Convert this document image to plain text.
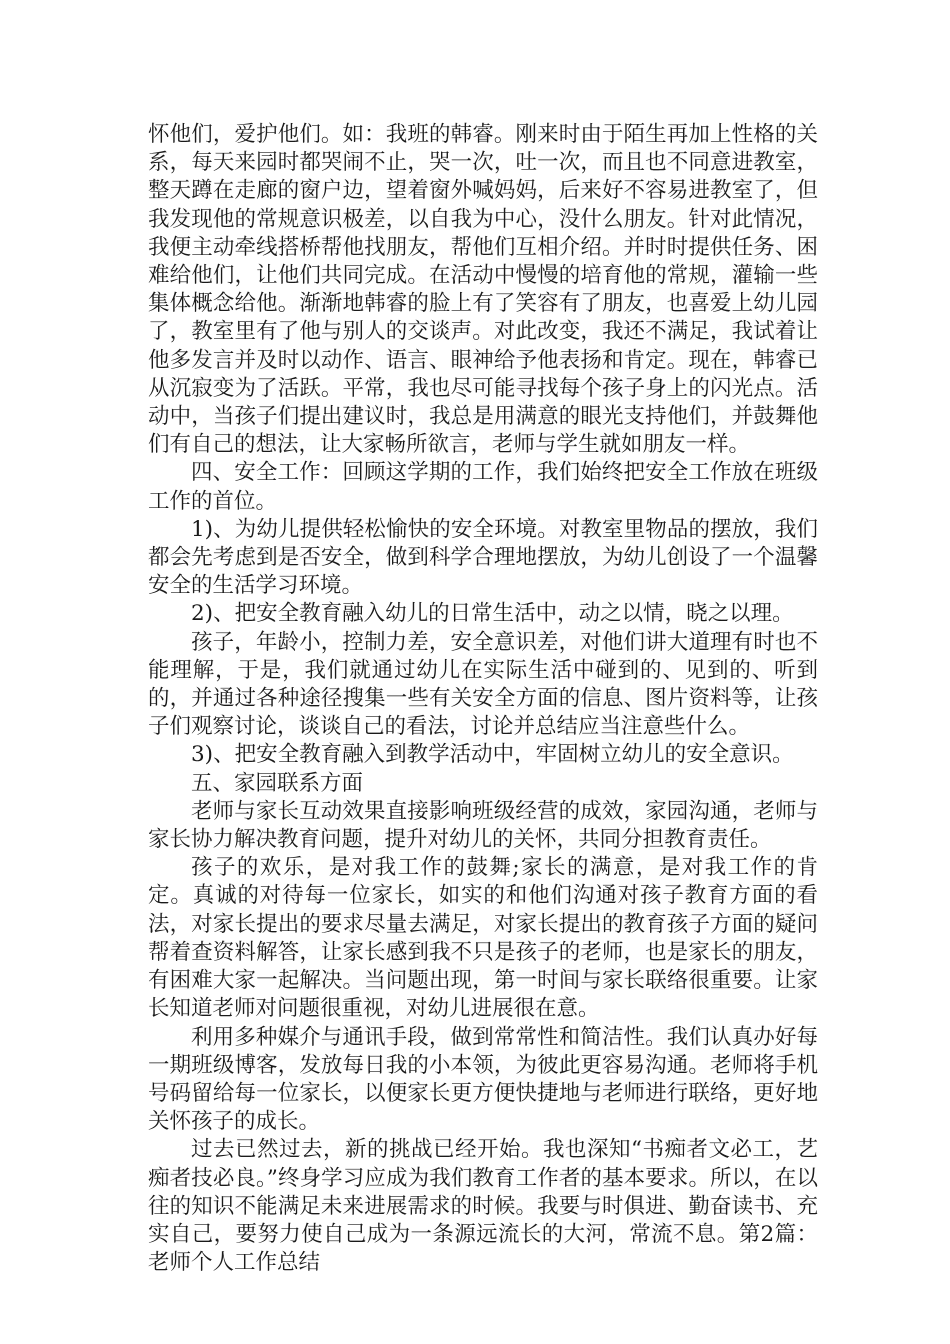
怀他们，爱护他们。如：我班的韩睿。刚来时由于陌生再加上性格的关系，每天来园时都哭闹不止，哭一次，吐一次，而且也不同意进教室，整天蹲在走廊的窗户边，望着窗外喊妈妈，后来好不容易进教室了，但我发现他的常规意识极差，以自我为中心，没什么朋友。针对此情况，我便主动牵线搭桥帮他找朋友，帮他们互相介绍。并时时提供任务、困难给他们，让他们共同完成。在活动中慢慢的培育他的常规，灌输一些集体概念给他。渐渐地韩睿的脸上有了笑容有了朋友，也喜爱上幼儿园了，教室里有了他与别人的交谈声。对此改变，我还不满足，我试着让他多发言并及时以动作、语言、眼神给予他表扬和肯定。现在，韩睿已从沉寂变为了活跃。平常，我也尽可能寻找每个孩子身上的闪光点。活动中，当孩子们提出建议时，我总是用满意的眼光支持他们，并鼓舞他们有自己的想法，让大家畅所欲言，老师与学生就如朋友一样。

四、安全工作：回顾这学期的工作，我们始终把安全工作放在班级工作的首位。

1)、为幼儿提供轻松愉快的安全环境。对教室里物品的摆放，我们都会先考虑到是否安全，做到科学合理地摆放，为幼儿创设了一个温馨安全的生活学习环境。

2)、把安全教育融入幼儿的日常生活中，动之以情，晓之以理。

孩子，年龄小，控制力差，安全意识差，对他们讲大道理有时也不能理解，于是，我们就通过幼儿在实际生活中碰到的、见到的、听到的，并通过各种途径搜集一些有关安全方面的信息、图片资料等，让孩子们观察讨论，谈谈自己的看法，讨论并总结应当注意些什么。

3)、把安全教育融入到教学活动中，牢固树立幼儿的安全意识。

五、家园联系方面

老师与家长互动效果直接影响班级经营的成效，家园沟通，老师与家长协力解决教育问题，提升对幼儿的关怀，共同分担教育责任。

孩子的欢乐，是对我工作的鼓舞;家长的满意，是对我工作的肯定。真诚的对待每一位家长，如实的和他们沟通对孩子教育方面的看法，对家长提出的要求尽量去满足，对家长提出的教育孩子方面的疑问帮着查资料解答，让家长感到我不只是孩子的老师，也是家长的朋友，有困难大家一起解决。当问题出现，第一时间与家长联络很重要。让家长知道老师对问题很重视，对幼儿进展很在意。

利用多种媒介与通讯手段，做到常常性和简洁性。我们认真办好每一期班级博客，发放每日我的小本领，为彼此更容易沟通。老师将手机号码留给每一位家长，以便家长更方便快捷地与老师进行联络，更好地关怀孩子的成长。

过去已然过去，新的挑战已经开始。我也深知“书痴者文必工，艺痴者技必良。”终身学习应成为我们教育工作者的基本要求。所以，在以往的知识不能满足未来进展需求的时候。我要与时俱进、勤奋读书、充实自己，要努力使自己成为一条源远流长的大河，常流不息。第2篇：老师个人工作总结
